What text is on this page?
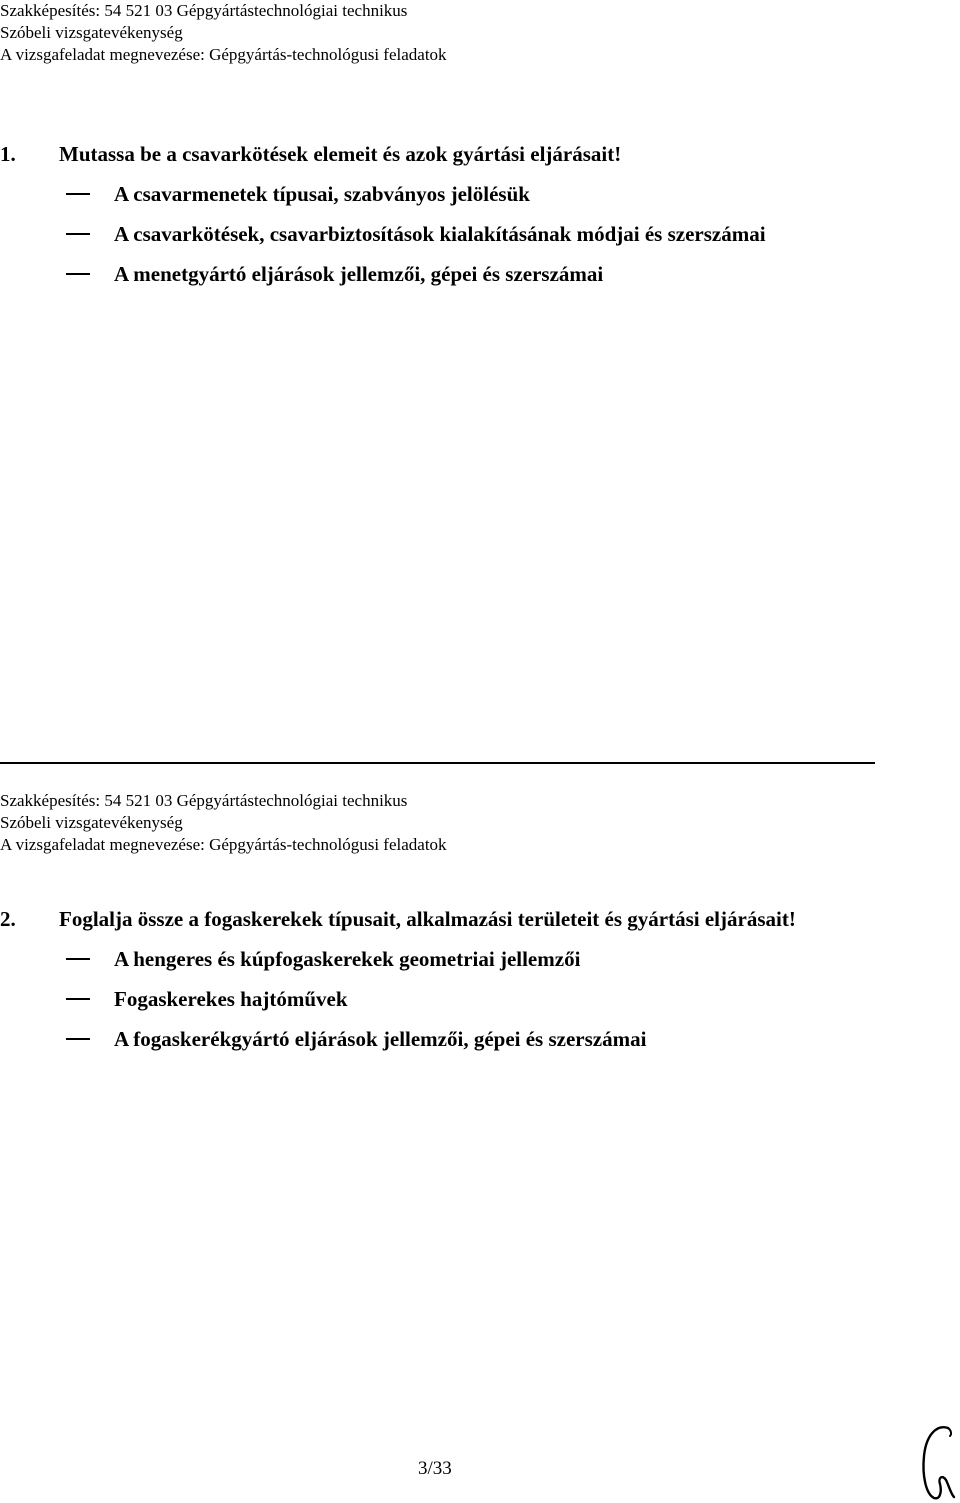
Szakképesítés: 54 521 03 Gépgyártástechnológiai technikus
Szóbeli vizsgatevékenység
A vizsgafeladat megnevezése: Gépgyártás-technológusi feladatok
1. Mutassa be a csavarkötések elemeit és azok gyártási eljárásait!
A csavarmenetek típusai, szabványos jelölésük
A csavarkötések, csavarbiztosítások kialakításának módjai és szerszámai
A menetgyártó eljárások jellemzői, gépei és szerszámai
Szakképesítés: 54 521 03 Gépgyártástechnológiai technikus
Szóbeli vizsgatevékenység
A vizsgafeladat megnevezése: Gépgyártás-technológusi feladatok
2. Foglalja össze a fogaskerekek típusait, alkalmazási területeit és gyártási eljárásait!
A hengeres és kúpfogaskerekek geometriai jellemzői
Fogaskerekes hajtóművek
A fogaskerékgyártó eljárások jellemzői, gépei és szerszámai
3/33
